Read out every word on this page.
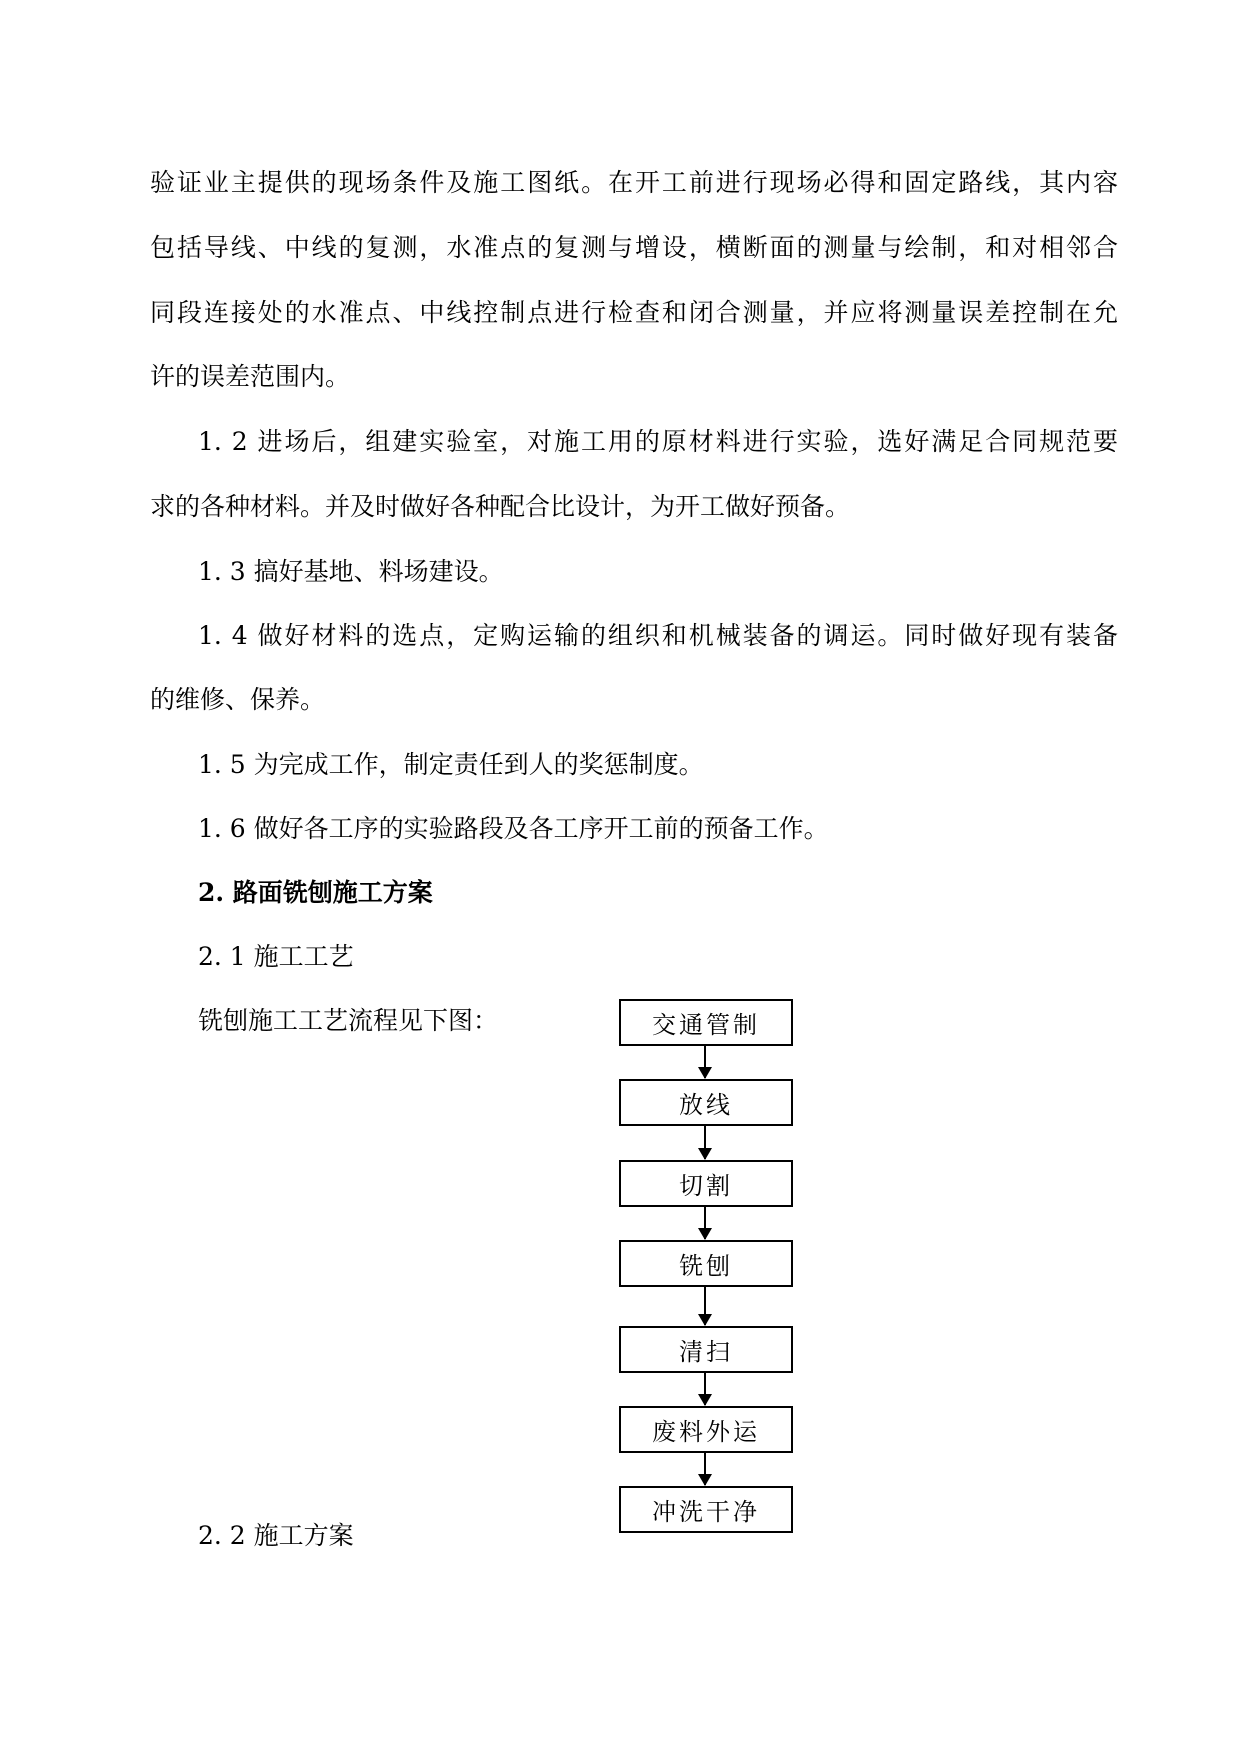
验证业主提供的现场条件及施工图纸。在开工前进行现场必得和固定路线，其内容
包括导线、中线的复测，水准点的复测与增设，横断面的测量与绘制，和对相邻合
同段连接处的水准点、中线控制点进行检查和闭合测量，并应将测量误差控制在允
许的误差范围内。
1. 2 进场后，组建实验室，对施工用的原材料进行实验，选好满足合同规范要
求的各种材料。并及时做好各种配合比设计，为开工做好预备。
1. 3 搞好基地、料场建设。
1. 4 做好材料的选点，定购运输的组织和机械装备的调运。同时做好现有装备
的维修、保养。
1. 5 为完成工作，制定责任到人的奖惩制度。
1. 6 做好各工序的实验路段及各工序开工前的预备工作。
2. 路面铣刨施工方案
2. 1 施工工艺
铣刨施工工艺流程见下图：	交通管制
放线
切割
铣刨
清扫
废料外运
冲洗干净
2. 2 施工方案
